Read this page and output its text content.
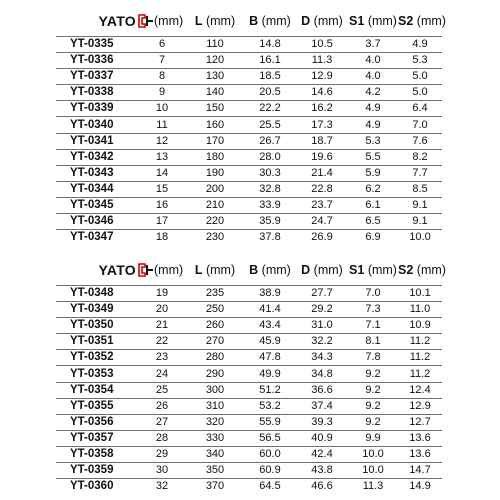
YATO	(mm)	L (mm)	B (mm)	D (mm)	S1 (mm)	S2 (mm)
YT-0335	6	110	14.8	10.5	3.7	4.9
YT-0336	7	120	16.1	11.3	4.0	5.3
YT-0337	8	130	18.5	12.9	4.0	5.0
YT-0338	9	140	20.5	14.6	4.2	5.0
YT-0339	10	150	22.2	16.2	4.9	6.4
YT-0340	11	160	25.5	17.3	4.9	7.0
YT-0341	12	170	26.7	18.7	5.3	7.6
YT-0342	13	180	28.0	19.6	5.5	8.2
YT-0343	14	190	30.3	21.4	5.9	7.7
YT-0344	15	200	32.8	22.8	6.2	8.5
YT-0345	16	210	33.9	23.7	6.1	9.1
YT-0346	17	220	35.9	24.7	6.5	9.1
YT-0347	18	230	37.8	26.9	6.9	10.0
YATO	(mm)	L (mm)	B (mm)	D (mm)	S1 (mm)	S2 (mm)
YT-0348	19	235	38.9	27.7	7.0	10.1
YT-0349	20	250	41.4	29.2	7.3	11.0
YT-0350	21	260	43.4	31.0	7.1	10.9
YT-0351	22	270	45.9	32.2	8.1	11.2
YT-0352	23	280	47.8	34.3	7.8	11.2
YT-0353	24	290	49.9	34.8	9.2	11.2
YT-0354	25	300	51.2	36.6	9.2	12.4
YT-0355	26	310	53.2	37.4	9.2	12.9
YT-0356	27	320	55.9	39.3	9.2	12.7
YT-0357	28	330	56.5	40.9	9.9	13.6
YT-0358	29	340	60.0	42.4	10.0	13.6
YT-0359	30	350	60.9	43.8	10.0	14.7
YT-0360	32	370	64.5	46.6	11.3	14.9
